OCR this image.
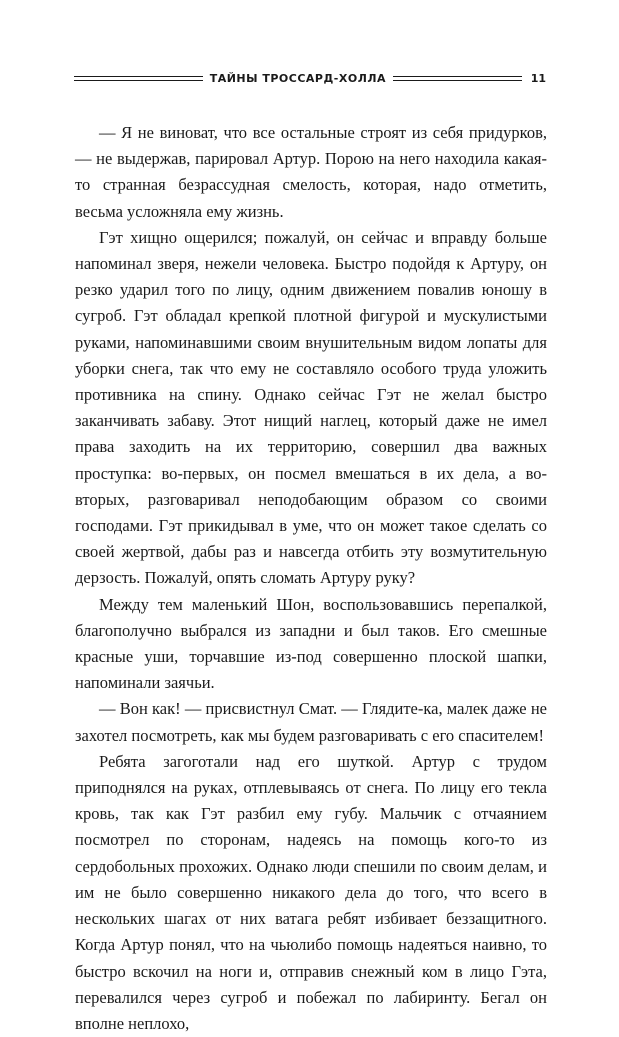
ТАЙНЫ ТРОССАРД-ХОЛЛА	11

— Я не виноват, что все остальные строят из себя придурков, — не выдержав, парировал Артур. Порою на него находила какая-то странная безрассудная смелость, которая, надо отметить, весьма усложняла ему жизнь.

Гэт хищно ощерился; пожалуй, он сейчас и вправду больше напоминал зверя, нежели человека. Быстро подойдя к Артуру, он резко ударил того по лицу, одним движением повалив юношу в сугроб. Гэт обладал крепкой плотной фигурой и мускулистыми руками, напоминавшими своим внушительным видом лопаты для уборки снега, так что ему не составляло особого труда уложить противника на спину. Однако сейчас Гэт не желал быстро заканчивать забаву. Этот нищий наглец, который даже не имел права заходить на их территорию, совершил два важных проступка: во-первых, он посмел вмешаться в их дела, а во-вторых, разговаривал неподобающим образом со своими господами. Гэт прикидывал в уме, что он может такое сделать со своей жертвой, дабы раз и навсегда отбить эту возмутительную дерзость. Пожалуй, опять сломать Артуру руку?

Между тем маленький Шон, воспользовавшись перепалкой, благополучно выбрался из западни и был таков. Его смешные красные уши, торчавшие из-под совершенно плоской шапки, напоминали заячьи.

— Вон как! — присвистнул Смат. — Глядите-ка, малек даже не захотел посмотреть, как мы будем разговаривать с его спасителем!

Ребята загоготали над его шуткой. Артур с трудом приподнялся на руках, отплевываясь от снега. По лицу его текла кровь, так как Гэт разбил ему губу. Мальчик с отчаянием посмотрел по сторонам, надеясь на помощь кого-то из сердобольных прохожих. Однако люди спешили по своим делам, и им не было совершенно никакого дела до того, что всего в нескольких шагах от них ватага ребят избивает беззащитного. Когда Артур понял, что на чьюлибо помощь надеяться наивно, то быстро вскочил на ноги и, отправив снежный ком в лицо Гэта, перевалился через сугроб и побежал по лабиринту. Бегал он вполне неплохо,
